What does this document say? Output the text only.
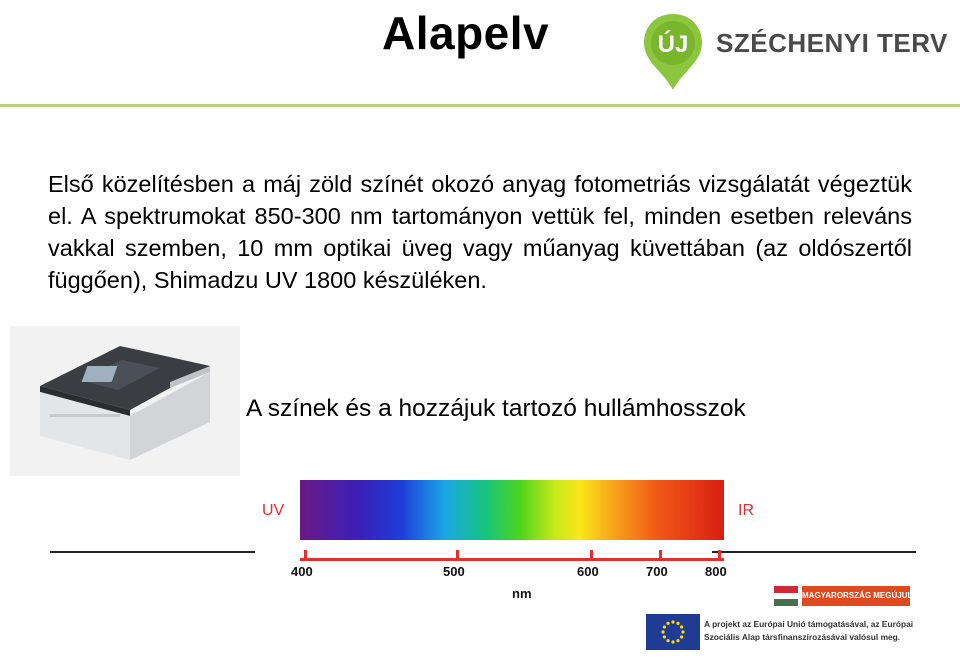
Alapelv	ÚJ SZÉCHENYI TERV

Első közelítésben a máj zöld színét okozó anyag fotometriás vizsgálatát végeztük el. A spektrumokat 850-300 nm tartományon vettük fel, minden esetben releváns vakkal szemben, 10 mm optikai üveg vagy műanyag küvettában (az oldószertől függően), Shimadzu UV 1800 készüléken.

A színek és a hozzájuk tartozó hullámhosszok
UV	IR
400	500	600	700	800
nm	MAGYARORSZÁG MEGÚJUL
A projekt az Európai Unió támogatásával, az Európai
Szociális Alap társfinanszírozásával valósul meg.
